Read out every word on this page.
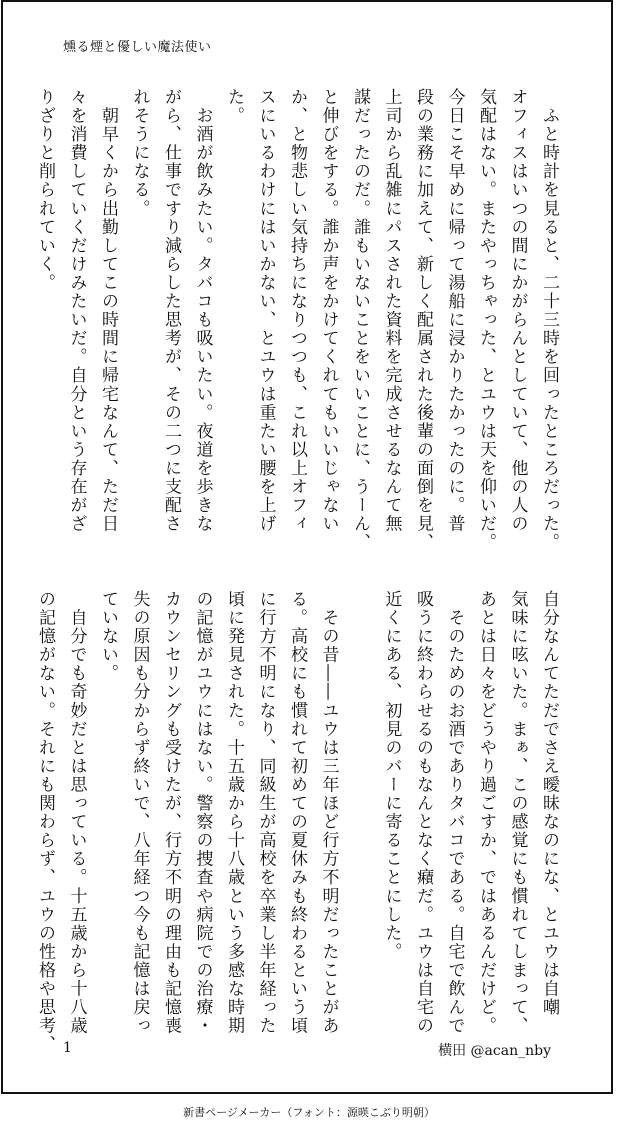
燻る煙と優しい魔法使い
　ふと時計を見ると、二十三時を回ったところだった。
オフィスはいつの間にかがらんとしていて、他の人の
気配はない。またやっちゃった、とユウは天を仰いだ。
今日こそ早めに帰って湯船に浸かりたかったのに。普
段の業務に加えて、新しく配属された後輩の面倒を見、
上司から乱雑にパスされた資料を完成させるなんて無
謀だったのだ。誰もいないことをいいことに、うーん、
と伸びをする。誰か声をかけてくれてもいいじゃない
か、と物悲しい気持ちになりつつも、これ以上オフィ
スにいるわけにはいかない、とユウは重たい腰を上げ
た。
　お酒が飲みたい。タバコも吸いたい。夜道を歩きな
がら、仕事ですり減らした思考が、その二つに支配さ
れそうになる。
　朝早くから出勤してこの時間に帰宅なんて、ただ日
々を消費していくだけみたいだ。自分という存在がざ
りざりと削られていく。
自分なんてただでさえ曖昧なのにな、とユウは自嘲
気味に呟いた。まぁ、この感覚にも慣れてしまって、
あとは日々をどうやり過ごすか、ではあるんだけど。
　そのためのお酒でありタバコである。自宅で飲んで
吸うに終わらせるのもなんとなく癪だ。ユウは自宅の
近くにある、初見のバーに寄ることにした。

　その昔――ユウは三年ほど行方不明だったことがあ
る。高校にも慣れて初めての夏休みも終わるという頃
に行方不明になり、同級生が高校を卒業し半年経った
頃に発見された。十五歳から十八歳という多感な時期
の記憶がユウにはない。警察の捜査や病院での治療・
カウンセリングも受けたが、行方不明の理由も記憶喪
失の原因も分からず終いで、八年経つ今も記憶は戻っ
ていない。
　自分でも奇妙だとは思っている。十五歳から十八歳
の記憶がない。それにも関わらず、ユウの性格や思考、 1	横田 @acan_nby
新書ページメーカー（フォント：源暎こぶり明朝）
